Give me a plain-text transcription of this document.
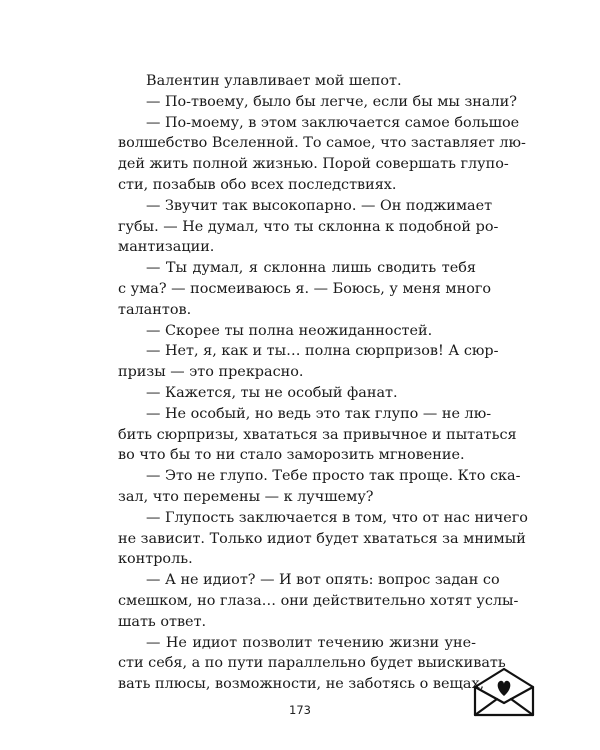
Валентин улавливает мой шепот.
— По-твоему, было бы легче, если бы мы знали?
— По-моему, в этом заключается самое большое
волшебство Вселенной. То самое, что заставляет лю-
дей жить полной жизнью. Порой совершать глупо-
сти, позабыв обо всех последствиях.
— Звучит так высокопарно. — Он поджимает
губы. — Не думал, что ты склонна к подобной ро-
мантизации.
— Ты думал, я склонна лишь сводить тебя
с ума? — посмеиваюсь я. — Боюсь, у меня много
талантов.
— Скорее ты полна неожиданностей.
— Нет, я, как и ты… полна сюрпризов! А сюр-
призы — это прекрасно.
— Кажется, ты не особый фанат.
— Не особый, но ведь это так глупо — не лю-
бить сюрпризы, хвататься за привычное и пытаться
во что бы то ни стало заморозить мгновение.
— Это не глупо. Тебе просто так проще. Кто ска-
зал, что перемены — к лучшему?
— Глупость заключается в том, что от нас ничего
не зависит. Только идиот будет хвататься за мнимый
контроль.
— А не идиот? — И вот опять: вопрос задан со
смешком, но глаза… они действительно хотят услы-
шать ответ.
— Не идиот позволит течению жизни унe-
сти себя, а по пути параллельно будет выискивать
вать плюсы, возможности, не заботясь о вещах,
173
